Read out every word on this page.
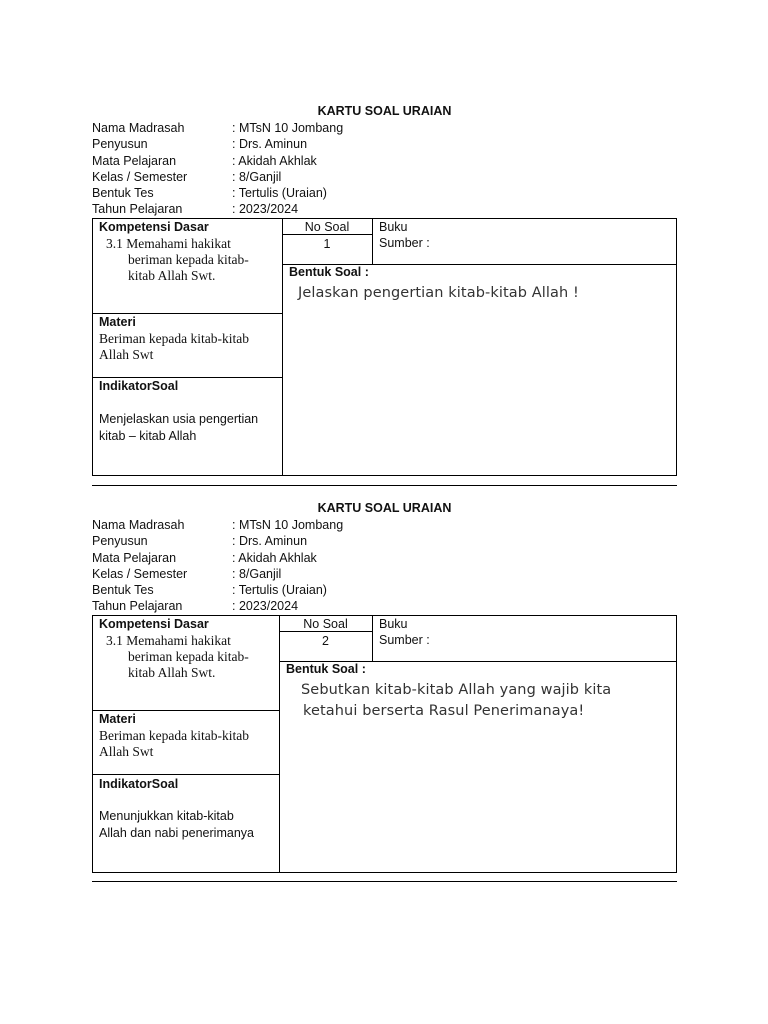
KARTU SOAL URAIAN
Nama Madrasah	: MTsN 10 Jombang
Penyusun	: Drs. Aminun
Mata Pelajaran	: Akidah Akhlak
Kelas / Semester	: 8/Ganjil
Bentuk Tes	: Tertulis (Uraian)
Tahun Pelajaran	: 2023/2024
Kompetensi Dasar
3.1 Memahami hakikat
beriman kepada kitab-
kitab Allah Swt.
No Soal
1
Buku
Sumber :
Bentuk Soal :
Jelaskan pengertian kitab-kitab Allah !
Materi
Beriman kepada kitab-kitab
Allah Swt
IndikatorSoal
Menjelaskan usia pengertian
kitab – kitab Allah
KARTU SOAL URAIAN
Nama Madrasah	: MTsN 10 Jombang
Penyusun	: Drs. Aminun
Mata Pelajaran	: Akidah Akhlak
Kelas / Semester	: 8/Ganjil
Bentuk Tes	: Tertulis (Uraian)
Tahun Pelajaran	: 2023/2024
Kompetensi Dasar
3.1 Memahami hakikat
beriman kepada kitab-
kitab Allah Swt.
No Soal
2
Buku
Sumber :
Bentuk Soal :
Sebutkan kitab-kitab Allah yang wajib kita
ketahui berserta Rasul Penerimanaya!
Materi
Beriman kepada kitab-kitab
Allah Swt
IndikatorSoal
Menunjukkan kitab-kitab
Allah dan nabi penerimanya
